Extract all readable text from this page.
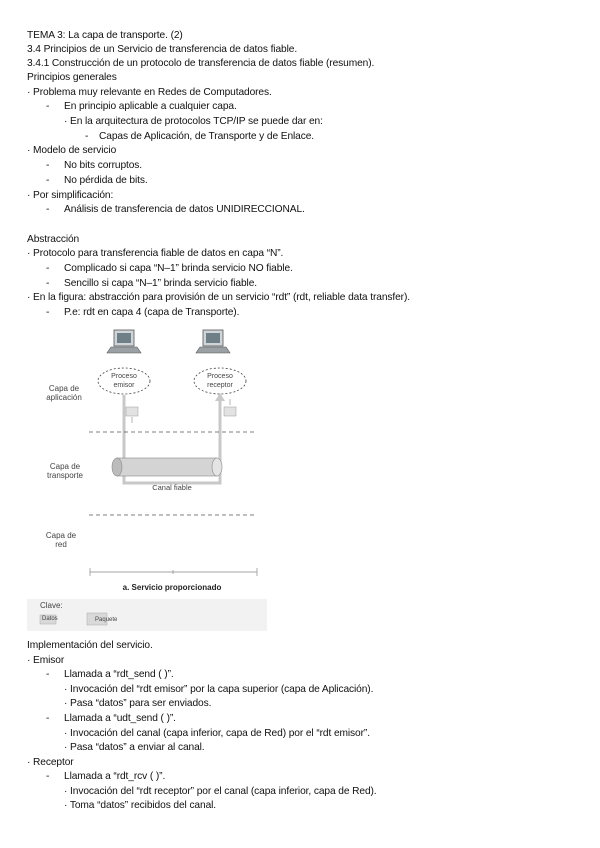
TEMA 3: La capa de transporte. (2)
3.4 Principios de un Servicio de transferencia de datos fiable.
3.4.1 Construcción de un protocolo de transferencia de datos fiable (resumen).
Principios generales
· Problema muy relevante en Redes de Computadores.
- En principio aplicable a cualquier capa.
· En la arquitectura de protocolos TCP/IP se puede dar en:
- Capas de Aplicación, de Transporte y de Enlace.
· Modelo de servicio
- No bits corruptos.
- No pérdida de bits.
· Por simplificación:
- Análisis de transferencia de datos UNIDIRECCIONAL.
Abstracción
· Protocolo para transferencia fiable de datos en capa “N”.
- Complicado si capa “N–1” brinda servicio NO fiable.
- Sencillo si capa “N–1” brinda servicio fiable.
· En la figura: abstracción para provisión de un servicio “rdt” (rdt, reliable data transfer).
- P.e: rdt en capa 4 (capa de Transporte).
Capa de aplicación
Capa de transporte
Capa de red
Proceso emisor
Proceso receptor
Canal fiable
a. Servicio proporcionado
Clave:
Datos	Paquete
Implementación del servicio.
· Emisor
- Llamada a “rdt_send ( )”.
· Invocación del “rdt emisor” por la capa superior (capa de Aplicación).
· Pasa “datos” para ser enviados.
- Llamada a “udt_send ( )”.
· Invocación del canal (capa inferior, capa de Red) por el “rdt emisor”.
· Pasa “datos” a enviar al canal.
· Receptor
- Llamada a “rdt_rcv ( )”.
· Invocación del “rdt receptor” por el canal (capa inferior, capa de Red).
· Toma “datos” recibidos del canal.
